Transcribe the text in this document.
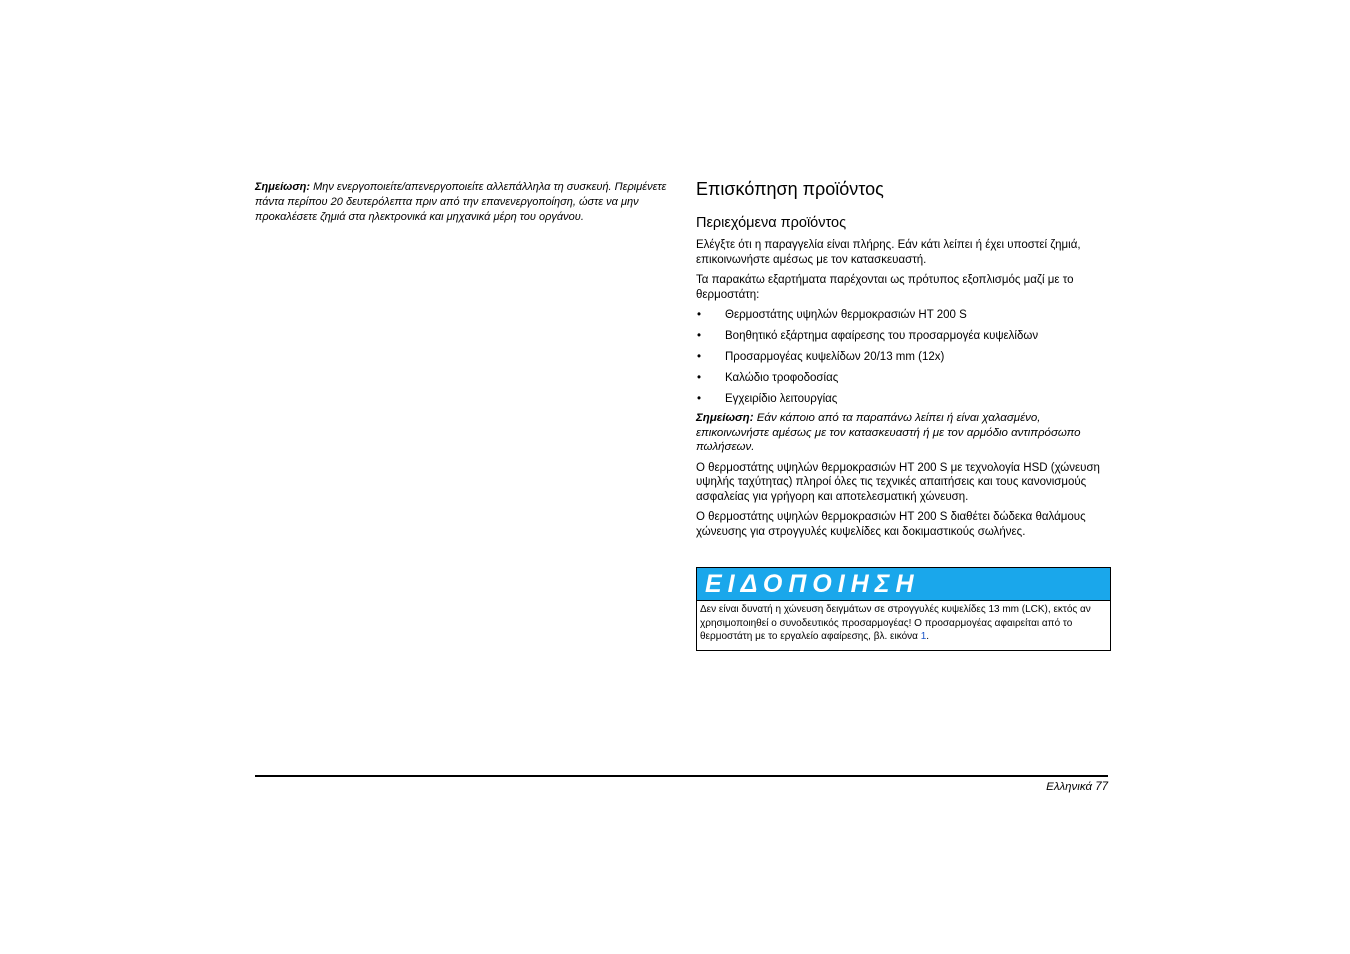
Σημείωση: Μην ενεργοποιείτε/απενεργοποιείτε αλλεπάλληλα τη συσκευή. Περιμένετε πάντα περίπου 20 δευτερόλεπτα πριν από την επανενεργοποίηση, ώστε να μην προκαλέσετε ζημιά στα ηλεκτρονικά και μηχανικά μέρη του οργάνου.

Επισκόπηση προϊόντος
Περιεχόμενα προϊόντος

Ελέγξτε ότι η παραγγελία είναι πλήρης. Εάν κάτι λείπει ή έχει υποστεί ζημιά, επικοινωνήστε αμέσως με τον κατασκευαστή.

Τα παρακάτω εξαρτήματα παρέχονται ως πρότυπος εξοπλισμός μαζί με το θερμοστάτη:

• Θερμοστάτης υψηλών θερμοκρασιών HT 200 S
• Βοηθητικό εξάρτημα αφαίρεσης του προσαρμογέα κυψελίδων
• Προσαρμογέας κυψελίδων 20/13 mm (12x)
• Καλώδιο τροφοδοσίας
• Εγχειρίδιο λειτουργίας

Σημείωση: Εάν κάποιο από τα παραπάνω λείπει ή είναι χαλασμένο, επικοινωνήστε αμέσως με τον κατασκευαστή ή με τον αρμόδιο αντιπρόσωπο πωλήσεων.

Ο θερμοστάτης υψηλών θερμοκρασιών HT 200 S με τεχνολογία HSD (χώνευση υψηλής ταχύτητας) πληροί όλες τις τεχνικές απαιτήσεις και τους κανονισμούς ασφαλείας για γρήγορη και αποτελεσματική χώνευση.

Ο θερμοστάτης υψηλών θερμοκρασιών HT 200 S διαθέτει δώδεκα θαλάμους χώνευσης για στρογγυλές κυψελίδες και δοκιμαστικούς σωλήνες.

ΕΙΔΟΠΟΙΗΣΗ
Δεν είναι δυνατή η χώνευση δειγμάτων σε στρογγυλές κυψελίδες 13 mm (LCK), εκτός αν χρησιμοποιηθεί ο συνοδευτικός προσαρμογέας! Ο προσαρμογέας αφαιρείται από το θερμοστάτη με το εργαλείο αφαίρεσης, βλ. εικόνα 1.
Ελληνικά 77
